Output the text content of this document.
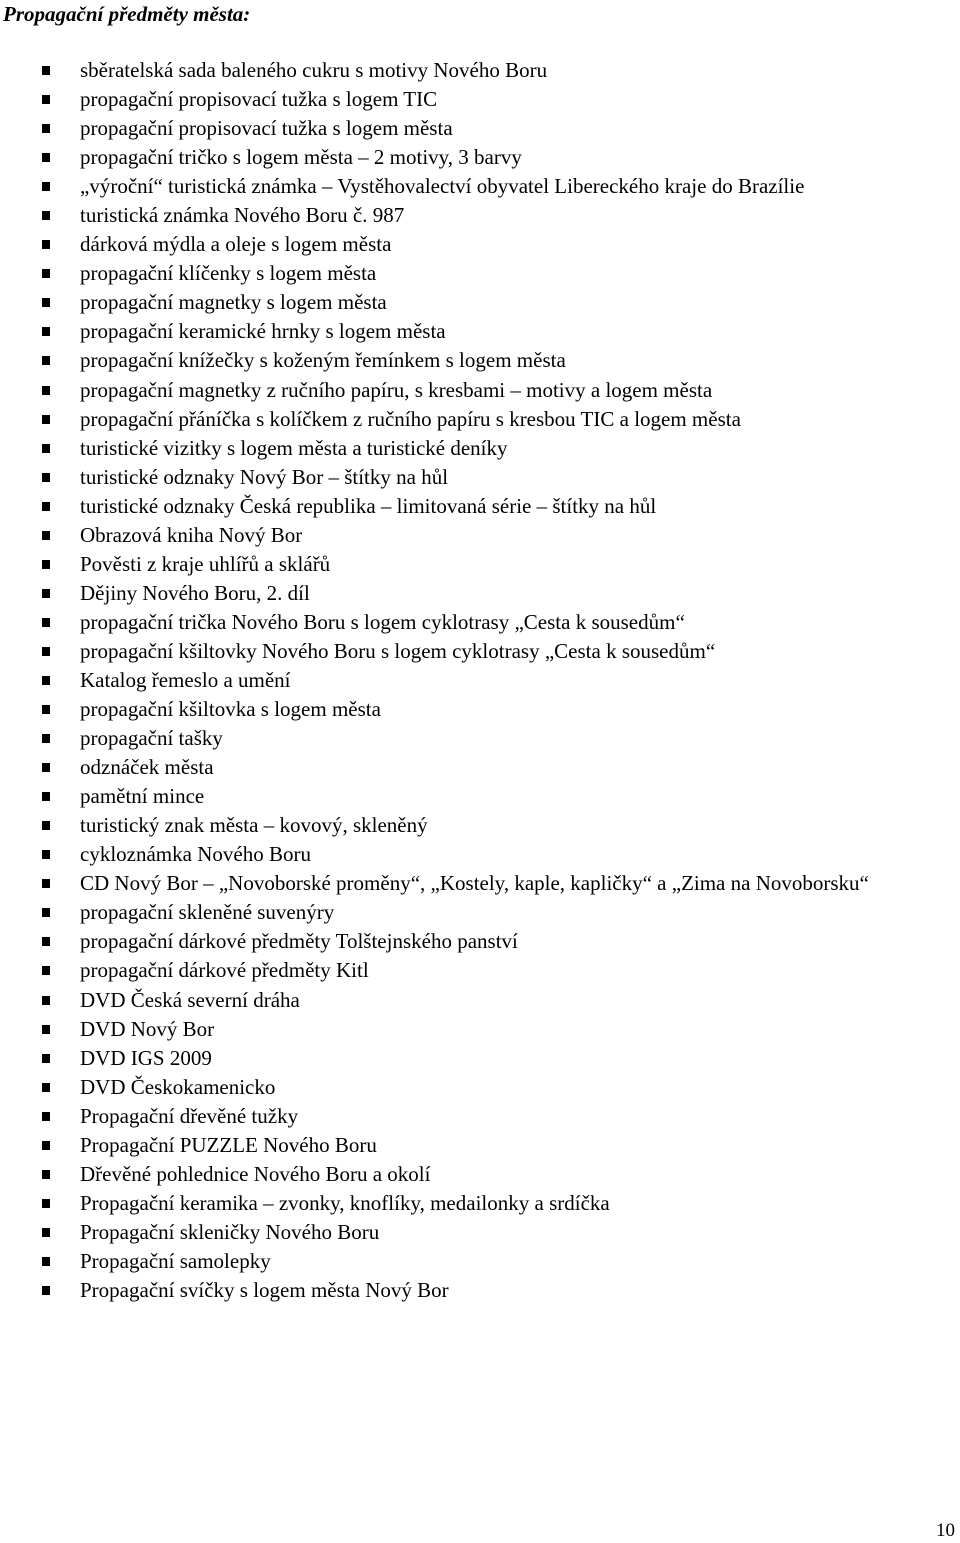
Propagační předměty města:
sběratelská sada baleného cukru s motivy Nového Boru
propagační propisovací tužka s logem TIC
propagační propisovací tužka s logem města
propagační tričko s logem města – 2 motivy, 3 barvy
„výroční“ turistická známka – Vystěhovalectví obyvatel Libereckého kraje do Brazílie
turistická známka Nového Boru č. 987
dárková mýdla a oleje s logem města
propagační klíčenky s logem města
propagační magnetky s logem města
propagační keramické hrnky s logem města
propagační knížečky s koženým řemínkem s logem města
propagační magnetky z ručního papíru, s kresbami – motivy a logem města
propagační přáníčka s kolíčkem z ručního papíru s kresbou TIC a logem města
turistické vizitky s logem města a turistické deníky
turistické odznaky Nový Bor – štítky na hůl
turistické odznaky Česká republika – limitovaná série – štítky na hůl
Obrazová kniha Nový Bor
Pověsti z kraje uhlířů a sklářů
Dějiny Nového Boru, 2. díl
propagační trička Nového Boru s logem cyklotrasy „Cesta k sousedům“
propagační kšiltovky Nového Boru s logem cyklotrasy „Cesta k sousedům“
Katalog řemeslo a umění
propagační kšiltovka s logem města
propagační tašky
odznáček města
pamětní mince
turistický znak města – kovový, skleněný
cykloznámka Nového Boru
CD Nový Bor – „Novoborské proměny“, „Kostely, kaple, kapličky“ a „Zima na Novoborsku“
propagační skleněné suvenýry
propagační dárkové předměty Tolštejnského panství
propagační dárkové předměty Kitl
DVD Česká severní dráha
DVD Nový Bor
DVD IGS 2009
DVD Českokamenicko
Propagační dřevěné tužky
Propagační PUZZLE Nového Boru
Dřevěné pohlednice Nového Boru a okolí
Propagační keramika – zvonky, knoflíky, medailonky a srdíčka
Propagační skleničky Nového Boru
Propagační samolepky
Propagační svíčky s logem města Nový Bor
10
